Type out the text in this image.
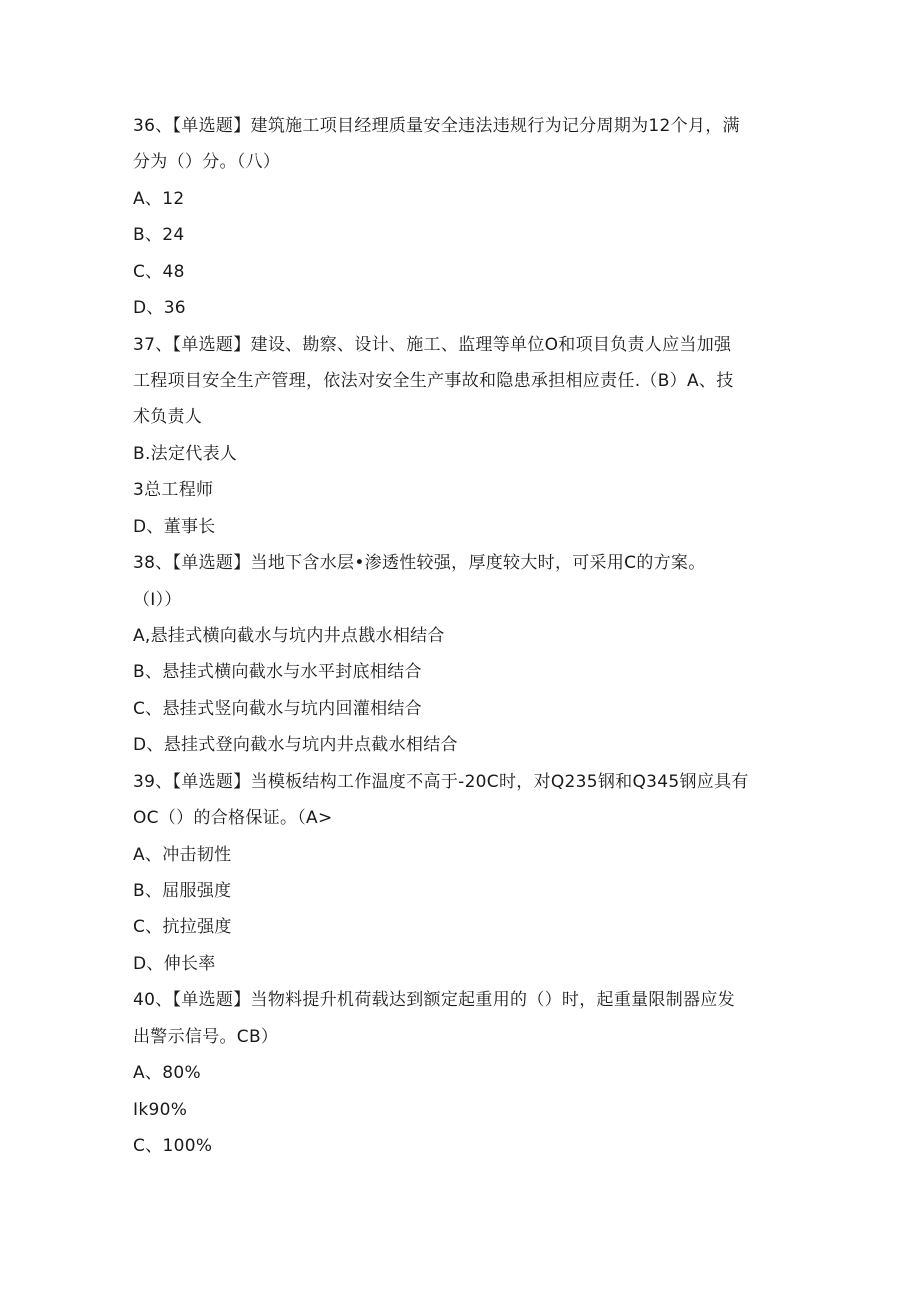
36、【单选题】建筑施工项目经理质量安全违法违规行为记分周期为12个月，满
分为（）分。（八）
A、12
B、24
C、48
D、36
37、【单选题】建设、勘察、设计、施工、监理等单位O和项目负责人应当加强
工程项目安全生产管理，依法对安全生产事故和隐患承担相应责任.（B）A、技
术负责人
B.法定代表人
3总工程师
D、董事长
38、【单选题】当地下含水层•渗透性较强，厚度较大时，可采用C的方案。
（I））
A,悬挂式横向截水与坑内井点戡水相结合
B、悬挂式横向截水与水平封底相结合
C、悬挂式竖向截水与坑内回灌相结合
D、悬挂式登向截水与坑内井点截水相结合
39、【单选题】当模板结构工作温度不高于-20C时，对Q235钢和Q345钢应具有
OC（）的合格保证。（A>
A、冲击韧性
B、屈服强度
C、抗拉强度
D、伸长率
40、【单选题】当物料提升机荷载达到额定起重用的（）时，起重量限制器应发
出警示信号。CB）
A、80%
Ik90%
C、100%
